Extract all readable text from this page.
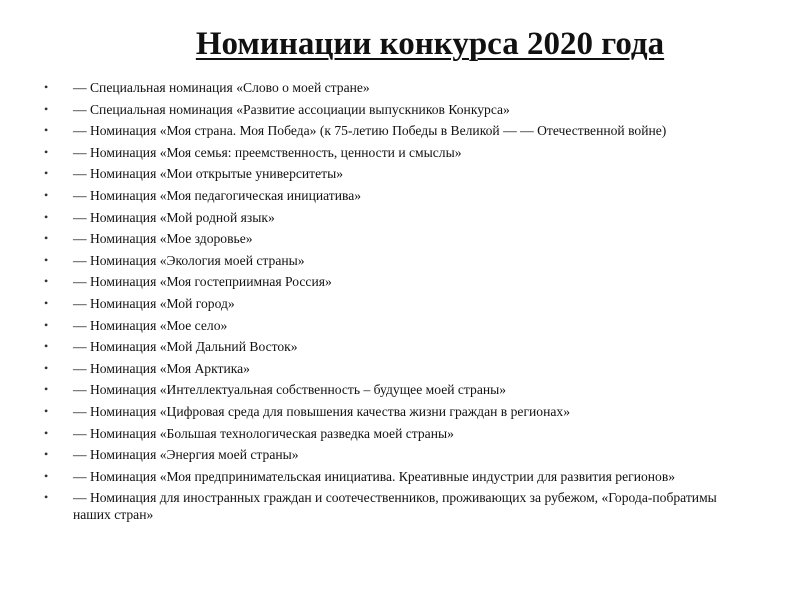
Номинации конкурса 2020 года
• — Специальная номинация «Слово о моей стране»
• — Специальная номинация «Развитие ассоциации выпускников Конкурса»
• — Номинация «Моя страна. Моя Победа» (к 75-летию Победы в Великой — — Отечественной войне)
• — Номинация «Моя семья: преемственность, ценности и смыслы»
• — Номинация «Мои открытые университеты»
• — Номинация «Моя педагогическая инициатива»
• — Номинация «Мой родной язык»
• — Номинация «Мое здоровье»
• — Номинация «Экология моей страны»
• — Номинация «Моя гостеприимная Россия»
• — Номинация «Мой город»
• — Номинация «Мое село»
• — Номинация «Мой Дальний Восток»
• — Номинация «Моя Арктика»
• — Номинация «Интеллектуальная собственность – будущее моей страны»
• — Номинация «Цифровая среда для повышения качества жизни граждан в регионах»
• — Номинация «Большая технологическая разведка моей страны»
• — Номинация «Энергия моей страны»
• — Номинация «Моя предпринимательская инициатива. Креативные индустрии для развития регионов»
• — Номинация для иностранных граждан и соотечественников, проживающих за рубежом, «Города-побратимы наших стран»
